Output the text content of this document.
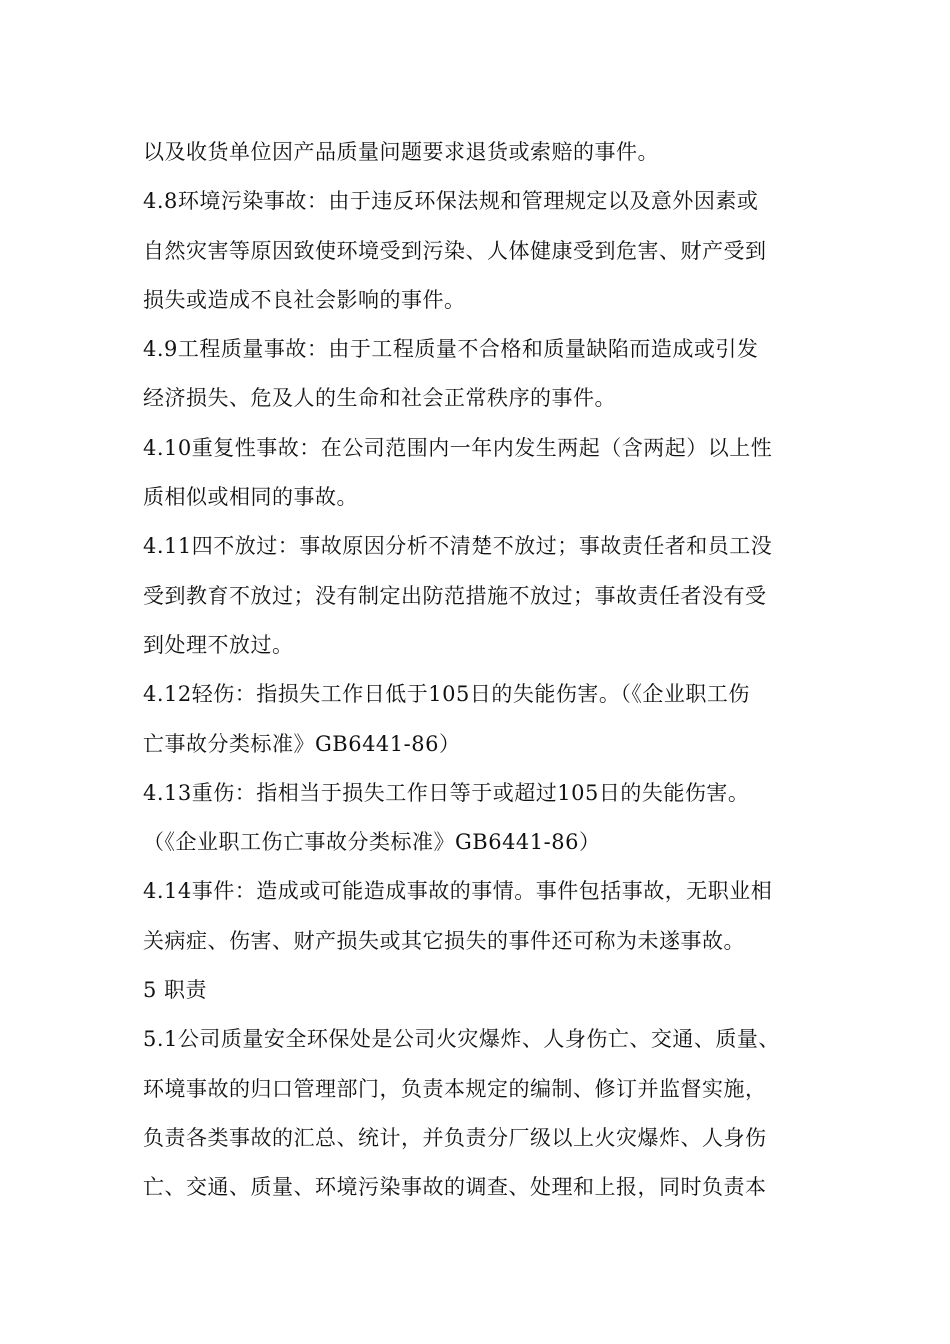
以及收货单位因产品质量问题要求退货或索赔的事件。
4.8环境污染事故：由于违反环保法规和管理规定以及意外因素或
自然灾害等原因致使环境受到污染、人体健康受到危害、财产受到
损失或造成不良社会影响的事件。
4.9工程质量事故：由于工程质量不合格和质量缺陷而造成或引发
经济损失、危及人的生命和社会正常秩序的事件。
4.10重复性事故：在公司范围内一年内发生两起（含两起）以上性
质相似或相同的事故。
4.11四不放过：事故原因分析不清楚不放过；事故责任者和员工没
受到教育不放过；没有制定出防范措施不放过；事故责任者没有受
到处理不放过。
4.12轻伤：指损失工作日低于105日的失能伤害。（《企业职工伤
亡事故分类标准》GB6441-86）
4.13重伤：指相当于损失工作日等于或超过105日的失能伤害。
（《企业职工伤亡事故分类标准》GB6441-86）
4.14事件：造成或可能造成事故的事情。事件包括事故，无职业相
关病症、伤害、财产损失或其它损失的事件还可称为未遂事故。
5 职责
5.1公司质量安全环保处是公司火灾爆炸、人身伤亡、交通、质量、
环境事故的归口管理部门，负责本规定的编制、修订并监督实施，
负责各类事故的汇总、统计，并负责分厂级以上火灾爆炸、人身伤
亡、交通、质量、环境污染事故的调查、处理和上报，同时负责本
